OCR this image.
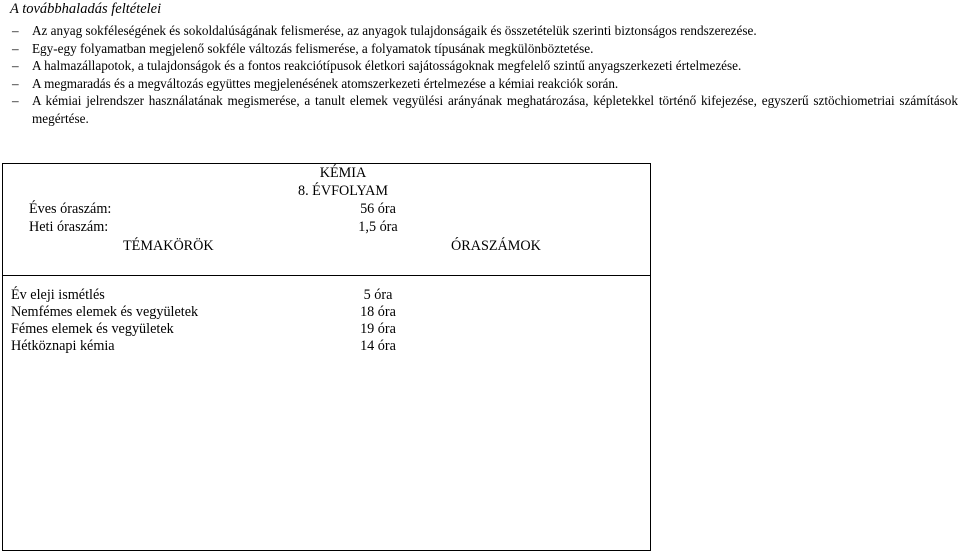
A továbbhaladás feltételei
– Az anyag sokféleségének és sokoldalúságának felismerése, az anyagok tulajdonságaik és összetételük szerinti biztonságos rendszerezése.
– Egy-egy folyamatban megjelenő sokféle változás felismerése, a folyamatok típusának megkülönböztetése.
– A halmazállapotok, a tulajdonságok és a fontos reakciótípusok életkori sajátosságoknak megfelelő szintű anyagszerkezeti értelmezése.
– A megmaradás és a megváltozás együttes megjelenésének atomszerkezeti értelmezése a kémiai reakciók során.
– A kémiai jelrendszer használatának megismerése, a tanult elemek vegyülési arányának meghatározása, képletekkel történő kifejezése, egyszerű sztöchiometriai számítások megértése.
KÉMIA
8. ÉVFOLYAM
Éves óraszám:	56 óra
Heti óraszám:	1,5 óra
TÉMAKÖRÖK	ÓRASZÁMOK
Év eleji ismétlés	5 óra
Nemfémes elemek és vegyületek	18 óra
Fémes elemek és vegyületek	19 óra
Hétköznapi kémia	14 óra
